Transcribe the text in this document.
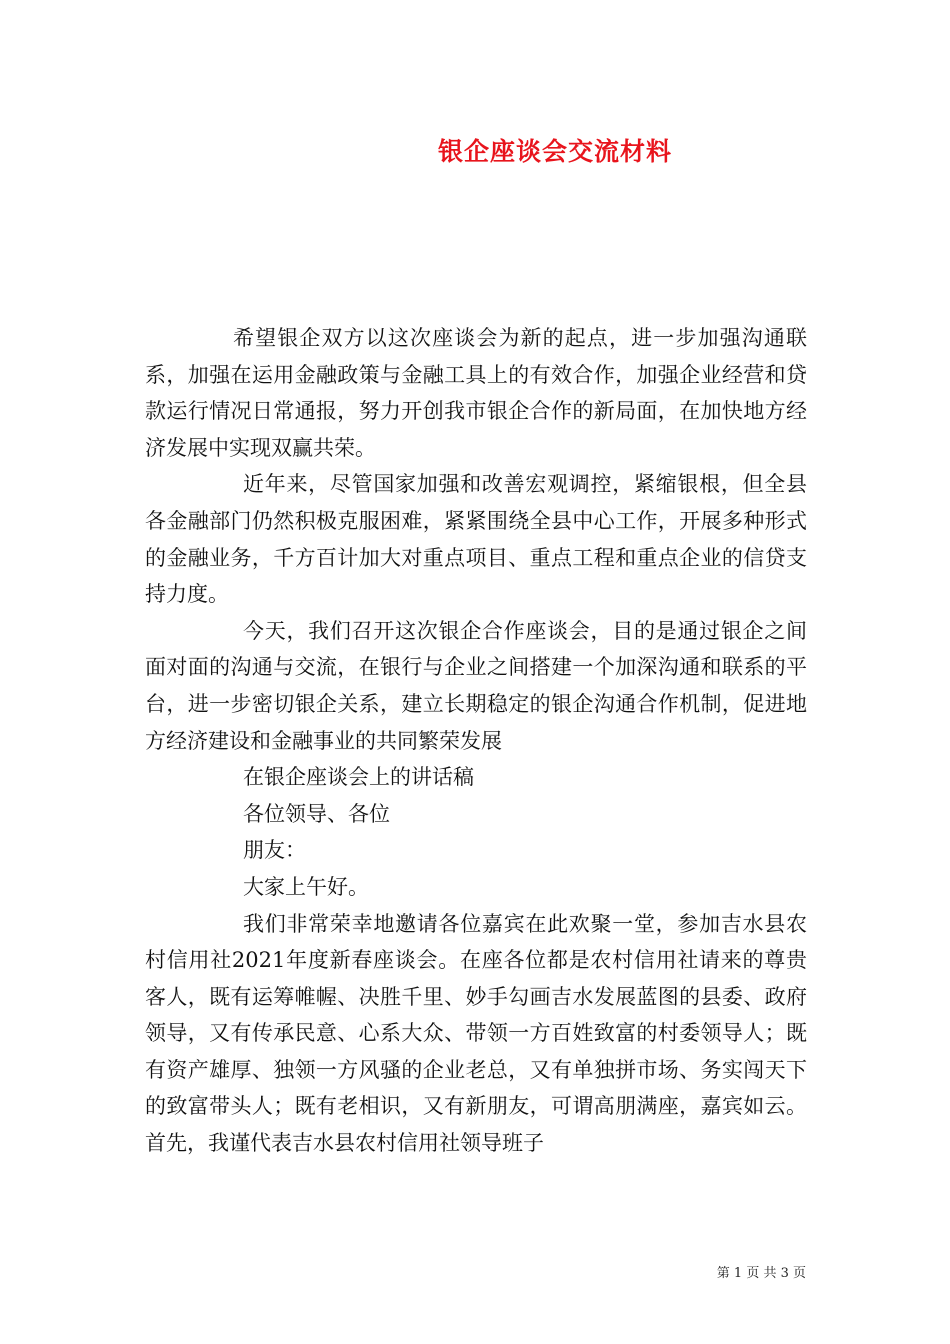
银企座谈会交流材料

希望银企双方以这次座谈会为新的起点，进一步加强沟通联系，加强在运用金融政策与金融工具上的有效合作，加强企业经营和贷款运行情况日常通报，努力开创我市银企合作的新局面，在加快地方经济发展中实现双赢共荣。

近年来，尽管国家加强和改善宏观调控，紧缩银根，但全县各金融部门仍然积极克服困难，紧紧围绕全县中心工作，开展多种形式的金融业务，千方百计加大对重点项目、重点工程和重点企业的信贷支持力度。

今天，我们召开这次银企合作座谈会，目的是通过银企之间面对面的沟通与交流，在银行与企业之间搭建一个加深沟通和联系的平台，进一步密切银企关系，建立长期稳定的银企沟通合作机制，促进地方经济建设和金融事业的共同繁荣发展

在银企座谈会上的讲话稿

各位领导、各位

朋友：

大家上午好。

我们非常荣幸地邀请各位嘉宾在此欢聚一堂，参加吉水县农村信用社2021年度新春座谈会。在座各位都是农村信用社请来的尊贵客人，既有运筹帷幄、决胜千里、妙手勾画吉水发展蓝图的县委、政府领导，又有传承民意、心系大众、带领一方百姓致富的村委领导人；既有资产雄厚、独领一方风骚的企业老总，又有单独拼市场、务实闯天下的致富带头人；既有老相识，又有新朋友，可谓高朋满座，嘉宾如云。首先，我谨代表吉水县农村信用社领导班子

第 1 页 共 3 页
